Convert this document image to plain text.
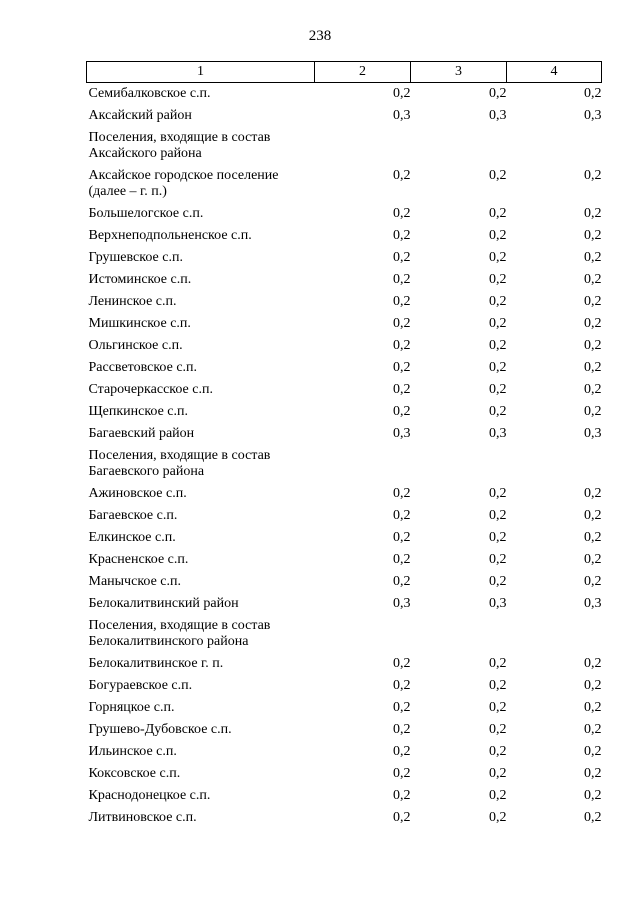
238
1	2	3	4
Семибалковское с.п.	0,2	0,2	0,2
Аксайский район	0,3	0,3	0,3
Поселения, входящие в состав Аксайского района			
Аксайское городское поселение (далее – г. п.)	0,2	0,2	0,2
Большелогское с.п.	0,2	0,2	0,2
Верхнеподпольненское с.п.	0,2	0,2	0,2
Грушевское с.п.	0,2	0,2	0,2
Истоминское с.п.	0,2	0,2	0,2
Ленинское с.п.	0,2	0,2	0,2
Мишкинское с.п.	0,2	0,2	0,2
Ольгинское с.п.	0,2	0,2	0,2
Рассветовское с.п.	0,2	0,2	0,2
Старочеркасское с.п.	0,2	0,2	0,2
Щепкинское с.п.	0,2	0,2	0,2
Багаевский район	0,3	0,3	0,3
Поселения, входящие в состав Багаевского района			
Ажиновское с.п.	0,2	0,2	0,2
Багаевское с.п.	0,2	0,2	0,2
Елкинское с.п.	0,2	0,2	0,2
Красненское с.п.	0,2	0,2	0,2
Манычское с.п.	0,2	0,2	0,2
Белокалитвинский район	0,3	0,3	0,3
Поселения, входящие в состав Белокалитвинского района			
Белокалитвинское г. п.	0,2	0,2	0,2
Богураевское с.п.	0,2	0,2	0,2
Горняцкое с.п.	0,2	0,2	0,2
Грушево-Дубовское с.п.	0,2	0,2	0,2
Ильинское с.п.	0,2	0,2	0,2
Коксовское с.п.	0,2	0,2	0,2
Краснодонецкое с.п.	0,2	0,2	0,2
Литвиновское с.п.	0,2	0,2	0,2
